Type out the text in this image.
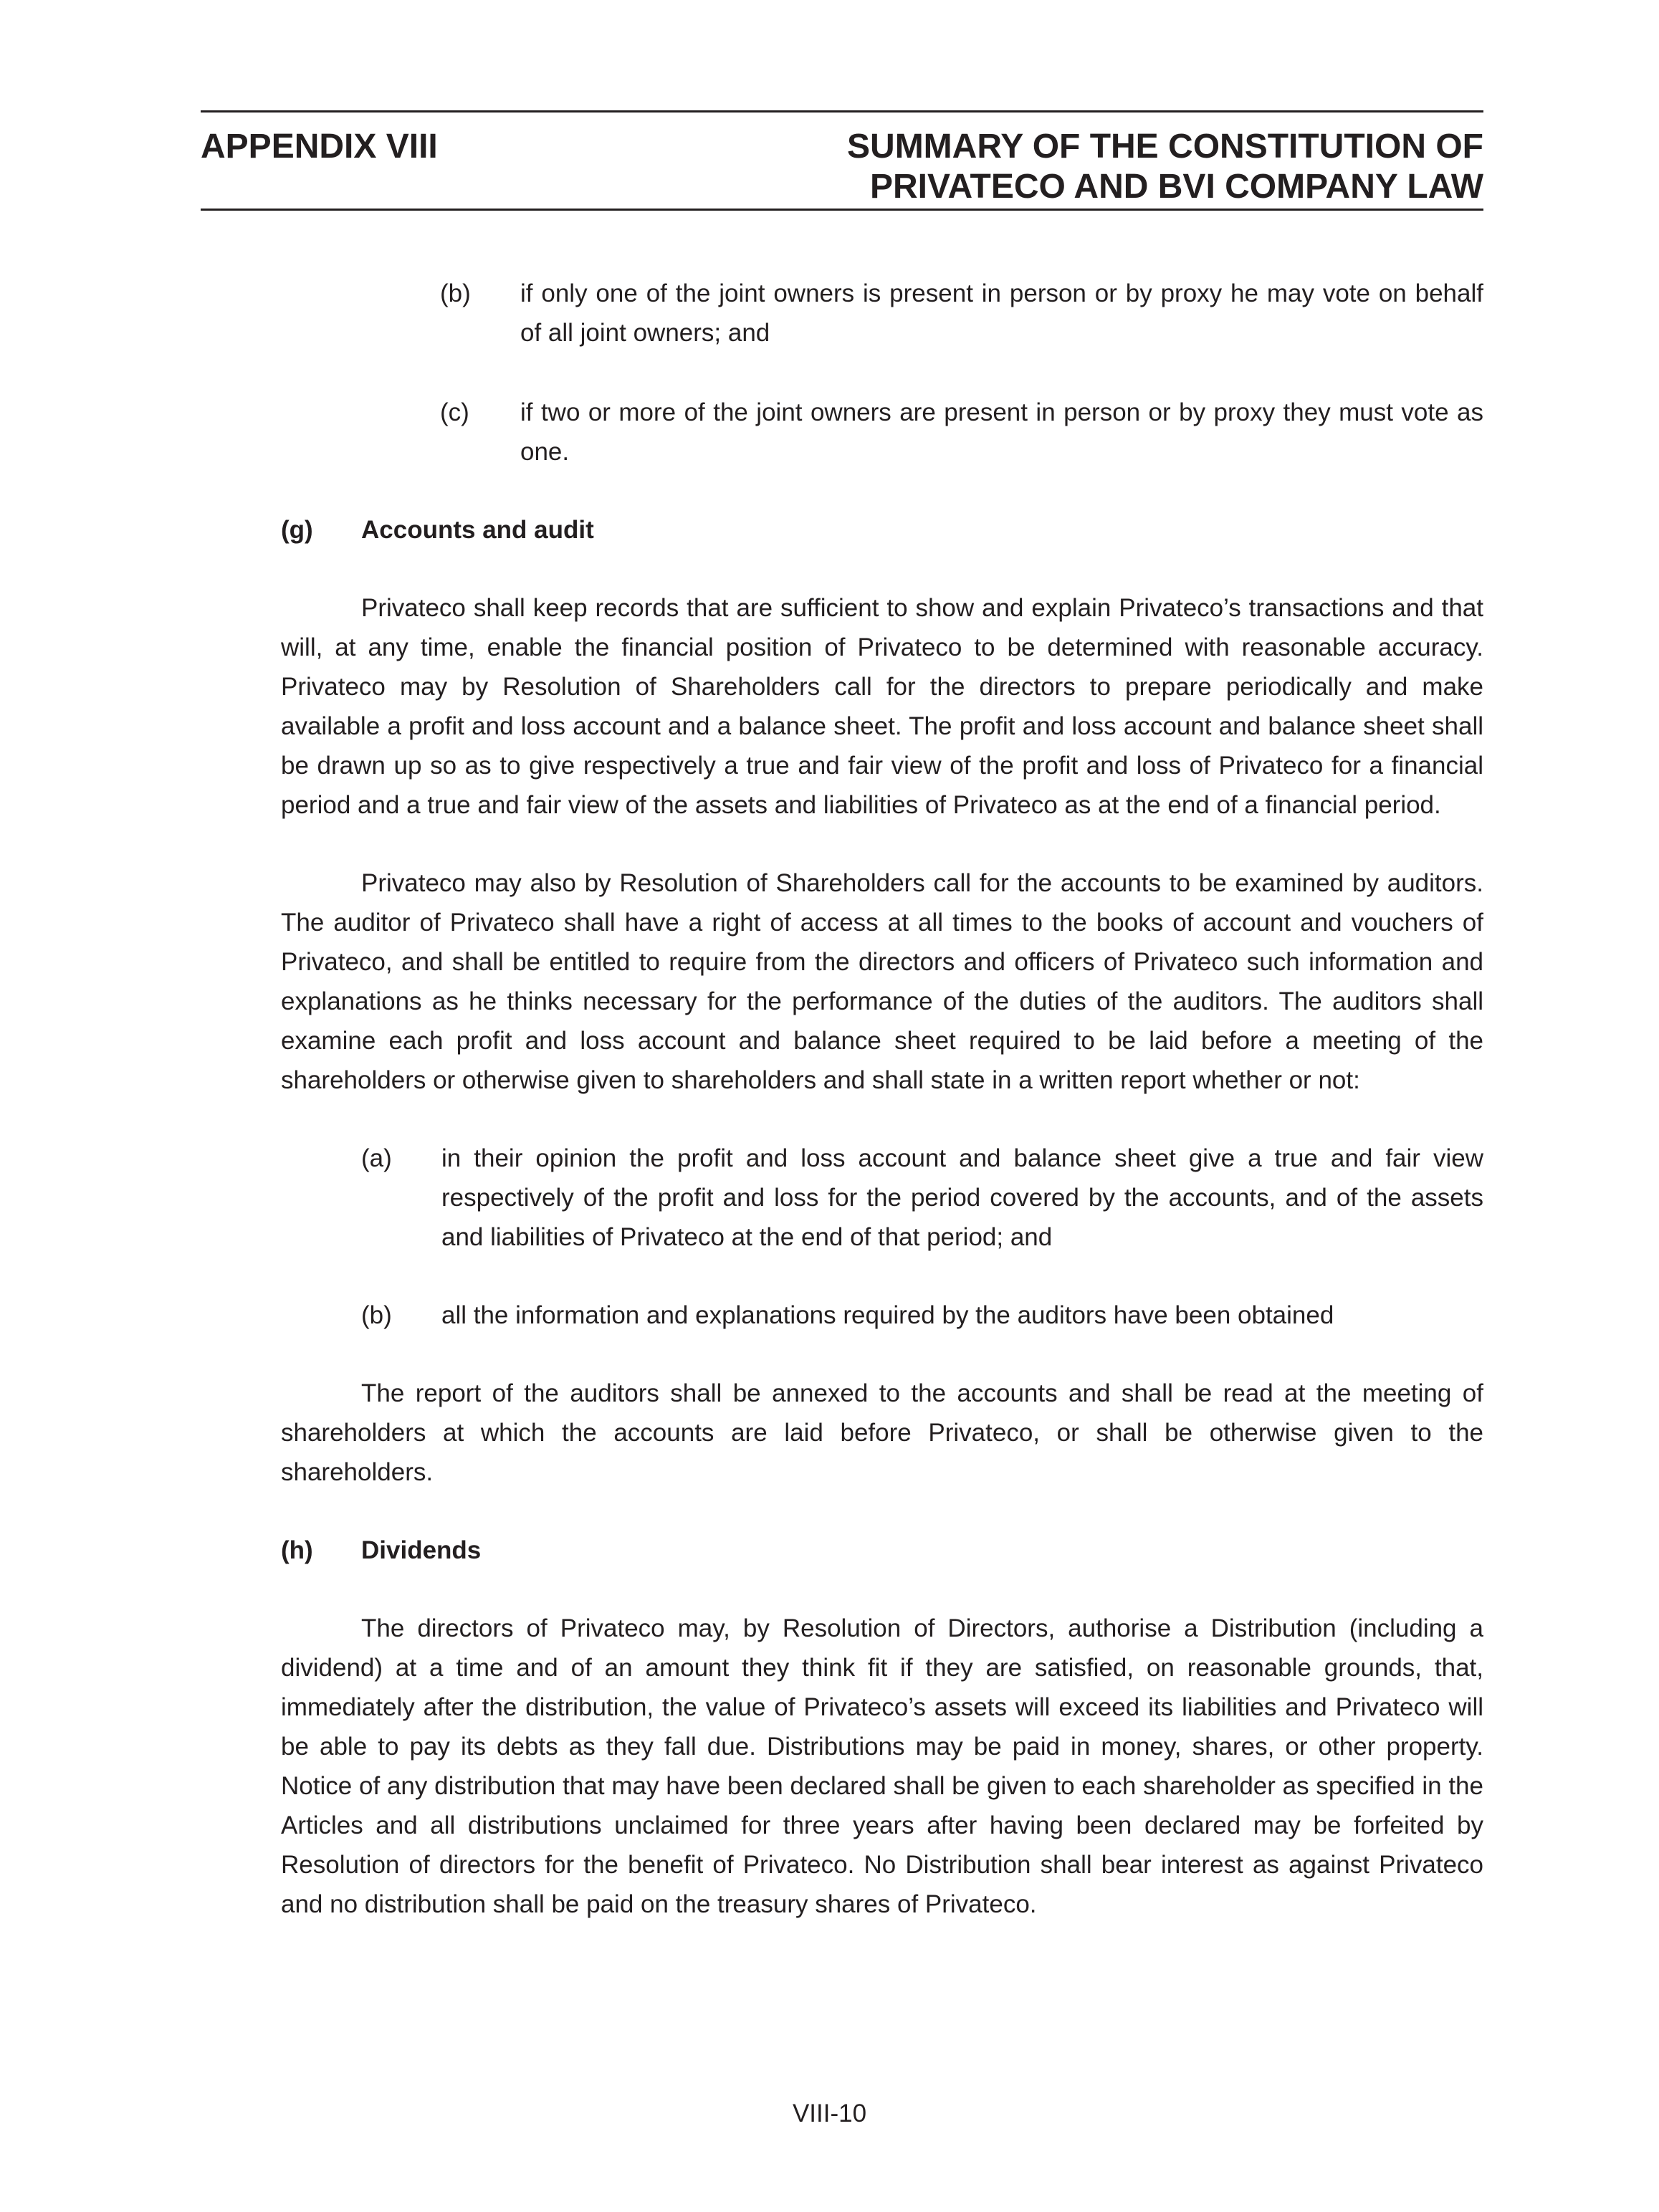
APPENDIX VIII	SUMMARY OF THE CONSTITUTION OF
PRIVATECO AND BVI COMPANY LAW
(b)	if only one of the joint owners is present in person or by proxy he may vote on behalf of all joint owners; and
(c)	if two or more of the joint owners are present in person or by proxy they must vote as one.
(g)	Accounts and audit

Privateco shall keep records that are sufficient to show and explain Privateco’s transactions and that will, at any time, enable the financial position of Privateco to be determined with reasonable accuracy. Privateco may by Resolution of Shareholders call for the directors to prepare periodically and make available a profit and loss account and a balance sheet. The profit and loss account and balance sheet shall be drawn up so as to give respectively a true and fair view of the profit and loss of Privateco for a financial period and a true and fair view of the assets and liabilities of Privateco as at the end of a financial period.

Privateco may also by Resolution of Shareholders call for the accounts to be examined by auditors. The auditor of Privateco shall have a right of access at all times to the books of account and vouchers of Privateco, and shall be entitled to require from the directors and officers of Privateco such information and explanations as he thinks necessary for the performance of the duties of the auditors. The auditors shall examine each profit and loss account and balance sheet required to be laid before a meeting of the shareholders or otherwise given to shareholders and shall state in a written report whether or not:

(a)	in their opinion the profit and loss account and balance sheet give a true and fair view respectively of the profit and loss for the period covered by the accounts, and of the assets and liabilities of Privateco at the end of that period; and
(b)	all the information and explanations required by the auditors have been obtained

The report of the auditors shall be annexed to the accounts and shall be read at the meeting of shareholders at which the accounts are laid before Privateco, or shall be otherwise given to the shareholders.

(h)	Dividends

The directors of Privateco may, by Resolution of Directors, authorise a Distribution (including a dividend) at a time and of an amount they think fit if they are satisfied, on reasonable grounds, that, immediately after the distribution, the value of Privateco’s assets will exceed its liabilities and Privateco will be able to pay its debts as they fall due. Distributions may be paid in money, shares, or other property. Notice of any distribution that may have been declared shall be given to each shareholder as specified in the Articles and all distributions unclaimed for three years after having been declared may be forfeited by Resolution of directors for the benefit of Privateco. No Distribution shall bear interest as against Privateco and no distribution shall be paid on the treasury shares of Privateco.

VIII-10
